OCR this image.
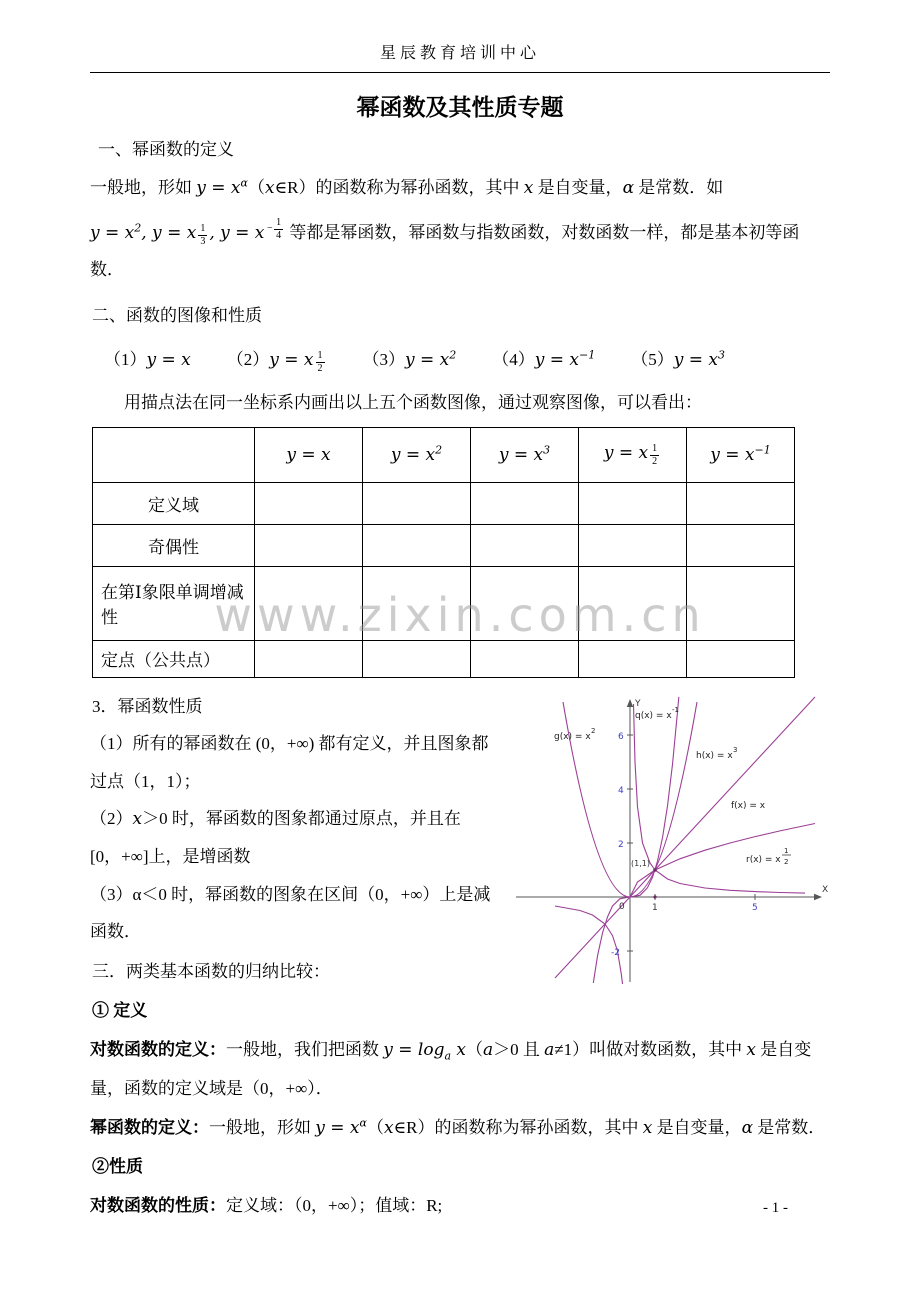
星辰教育培训中心
幂函数及其性质专题

一、幂函数的定义

一般地，形如 $y = x^\alpha(x\in R)$的函数称为幂孙函数，其中 x 是自变量，α 是常数．如

$y = x^2$, y = x 1
3 , $y = x - \frac{1}{4}$ 等都是幂函数，幂函数与指数函数，对数函数一样，都是基本初等函数．

二、函数的图像和性质

（1）y = x （2）y = x 1
2 $(3)y = x^2$ $(4)y = x^{-1}$ $(5)y = x^3$

用描点法在同一坐标系内画出以上五个函数图像，通过观察图像，可以看出：

	y = x	$y = x^2$	$y = x^3$	y = x 1
2	$y = x^{-1}$
定义域					
奇偶性					
在第Ⅰ象限单调增减性					
定点（公共点）					
www.zixin.com.cn

3．幂函数性质

（1）所有的幂函数在 (0，+∞) 都有定义，并且图象都过点（1，1）；

（2）x＞0 时，幂函数的图象都通过原点，并且在[0，+∞]上，是增函数

（3）α＜0 时，幂函数的图象在区间（0，+∞）上是减函数．

三．两类基本函数的归纳比较：

① 定义

g(x) = x
2
q(x) = x
-1
h(x) = x
3
f(x) = x
r(x) = x
1
2
(1,1)
Y
X
0	1	5
6
4
2
-2

对数函数的定义：一般地，我们把函数 $y = \log_a x(a>0$ 且 a≠1）叫做对数函数，其中 x 是自变量，函数的定义域是（0，+∞）．

幂函数的定义：一般地，形如 $y = x^\alpha(x\in R)$的函数称为幂孙函数，其中 x 是自变量，α 是常数．

②性质

对数函数的性质：定义域：（0，+∞）；值域：R;	- 1 -
